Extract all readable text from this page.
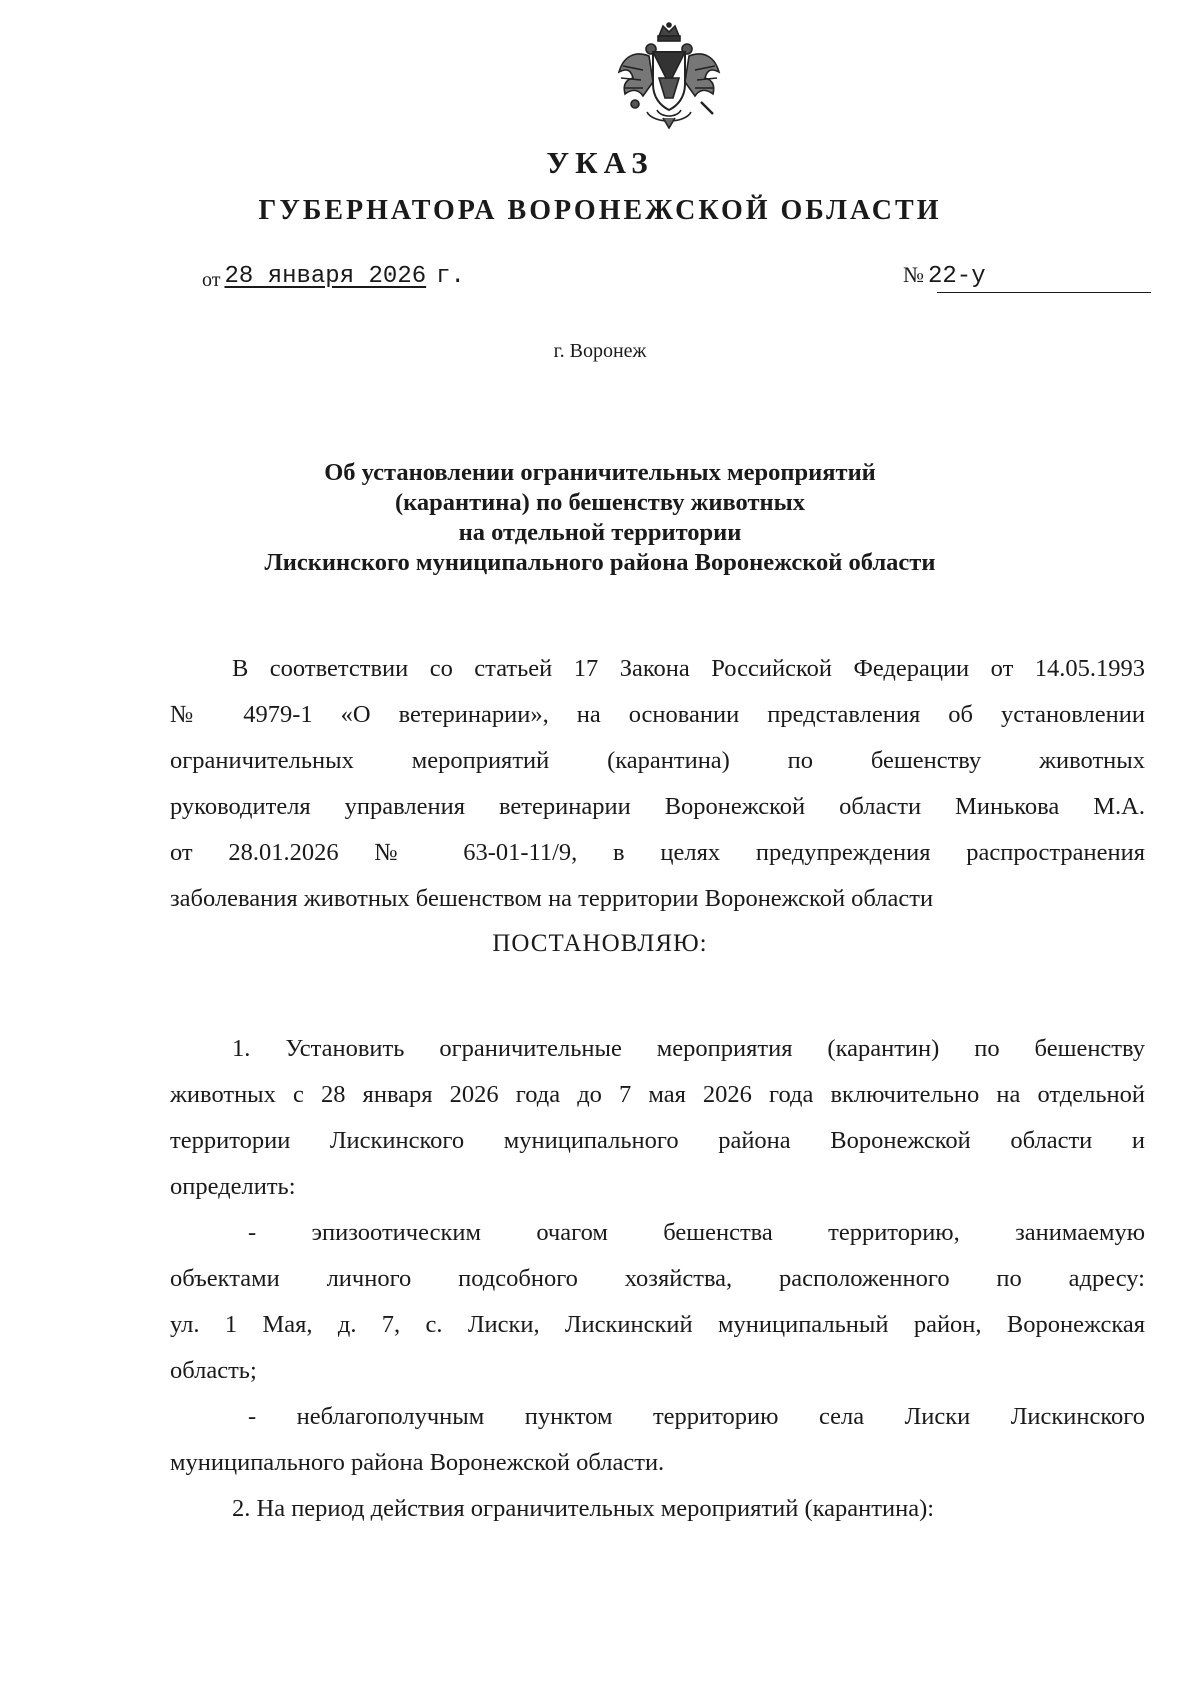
УКАЗ
ГУБЕРНАТОРА ВОРОНЕЖСКОЙ ОБЛАСТИ
от 28 января 2026 г.	№ 22-у
г. Воронеж
Об установлении ограничительных мероприятий
(карантина) по бешенству животных
на отдельной территории
Лискинского муниципального района Воронежской области
В соответствии со статьей 17 Закона Российской Федерации от 14.05.1993
№ 4979-1 «О ветеринарии», на основании представления об установлении
ограничительных мероприятий (карантина) по бешенству животных
руководителя управления ветеринарии Воронежской области Минькова М.А.
от 28.01.2026 № 63-01-11/9, в целях предупреждения распространения
заболевания животных бешенством на территории Воронежской области
ПОСТАНОВЛЯЮ:
1. Установить ограничительные мероприятия (карантин) по бешенству
животных с 28 января 2026 года до 7 мая 2026 года включительно на отдельной
территории Лискинского муниципального района Воронежской области и
определить:
- эпизоотическим очагом бешенства территорию, занимаемую
объектами личного подсобного хозяйства, расположенного по адресу:
ул. 1 Мая, д. 7, с. Лиски, Лискинский муниципальный район, Воронежская
область;
- неблагополучным пунктом территорию села Лиски Лискинского
муниципального района Воронежской области.
2. На период действия ограничительных мероприятий (карантина):
